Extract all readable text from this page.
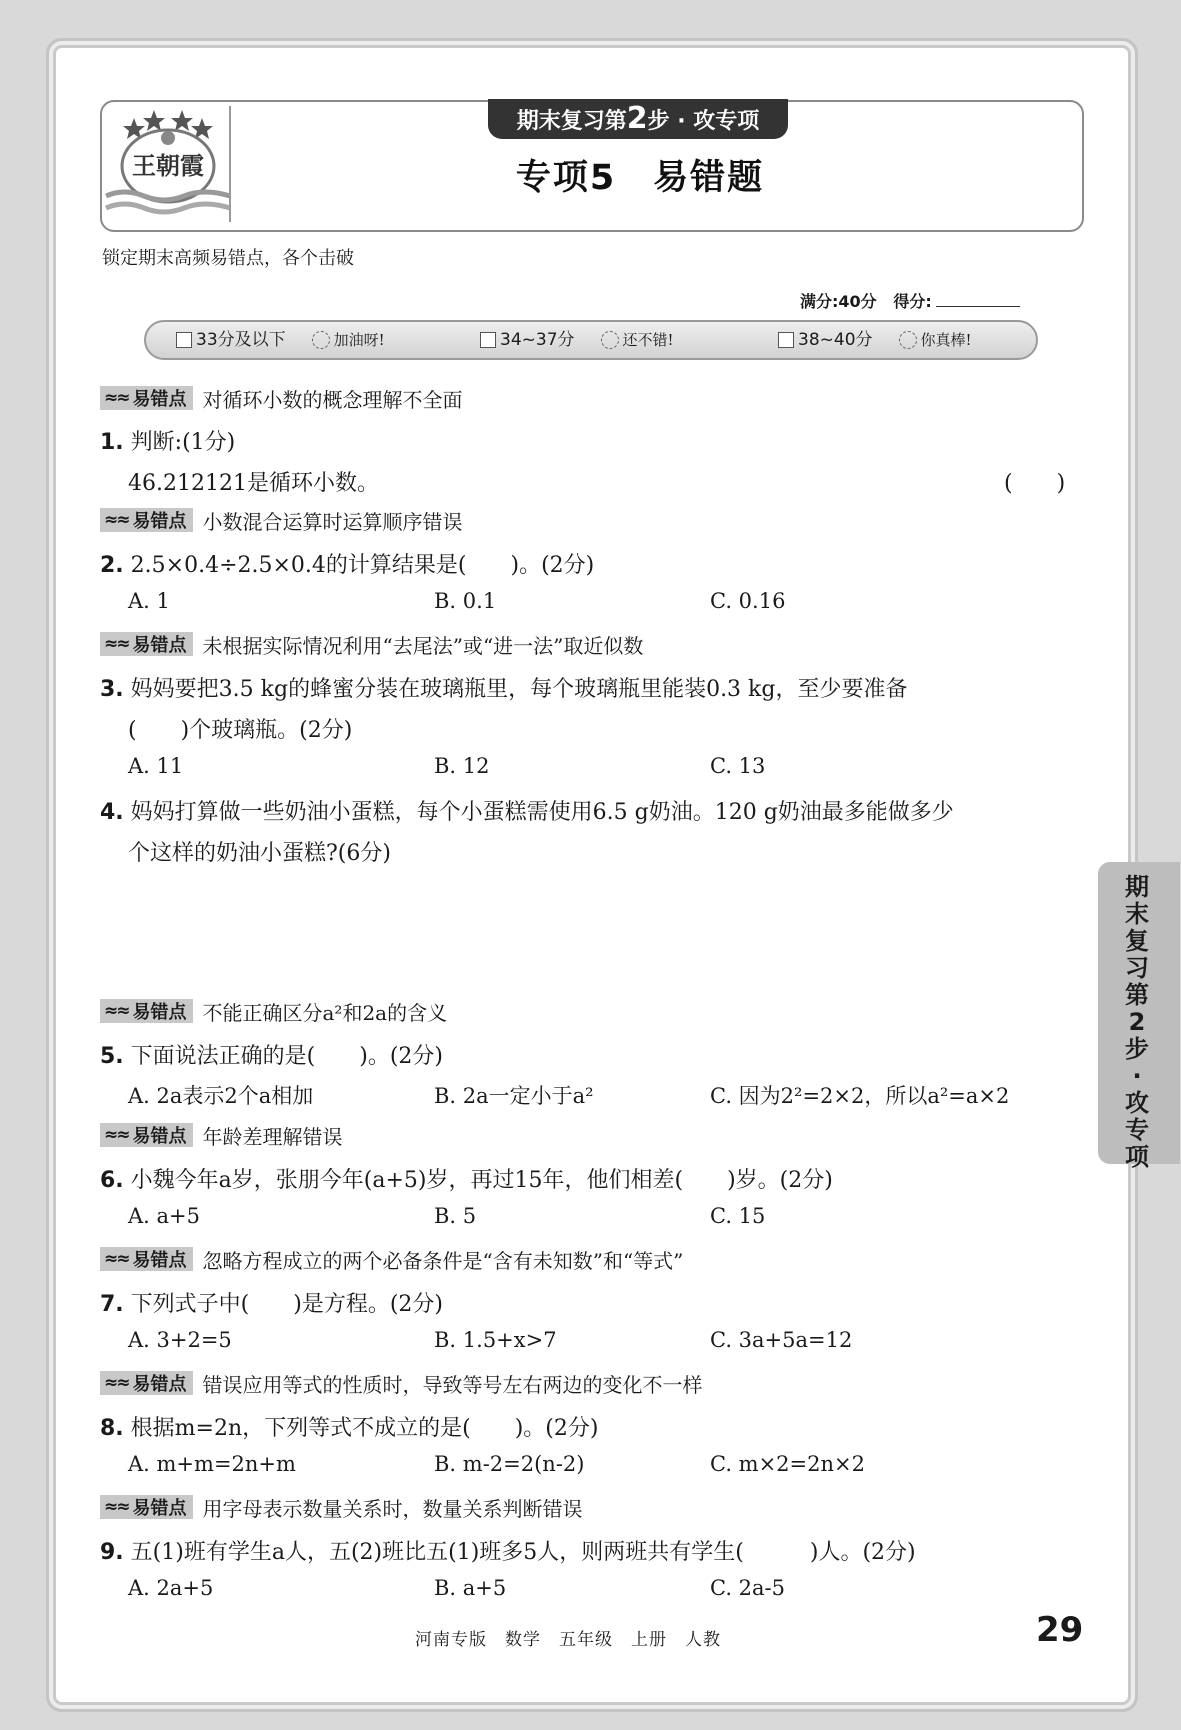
王朝霞
期末复习第2步 · 攻专项
专项5　易错题
锁定期末高频易错点，各个击破
满分:40分 得分:
33分及以下	加油呀!	34~37分	还不错!	38~40分	你真棒!
期末复习第2步·攻专项
≈≈ 易错点 对循环小数的概念理解不全面
1. 判断:(1分)
46.212121是循环小数。	(　　)
≈≈ 易错点 小数混合运算时运算顺序错误
2. 2.5×0.4÷2.5×0.4的计算结果是(　　)。(2分)
A. 1	B. 0.1	C. 0.16
≈≈ 易错点 未根据实际情况利用“去尾法”或“进一法”取近似数
3. 妈妈要把3.5 kg的蜂蜜分装在玻璃瓶里，每个玻璃瓶里能装0.3 kg，至少要准备
(　　)个玻璃瓶。(2分)
A. 11	B. 12	C. 13
4. 妈妈打算做一些奶油小蛋糕，每个小蛋糕需使用6.5 g奶油。120 g奶油最多能做多少
个这样的奶油小蛋糕?(6分)
≈≈ 易错点 不能正确区分a²和2a的含义
5. 下面说法正确的是(　　)。(2分)
A. 2a表示2个a相加	B. 2a一定小于a²	C. 因为2²=2×2，所以a²=a×2
≈≈ 易错点 年龄差理解错误
6. 小魏今年a岁，张朋今年(a+5)岁，再过15年，他们相差(　　)岁。(2分)
A. a+5	B. 5	C. 15
≈≈ 易错点 忽略方程成立的两个必备条件是“含有未知数”和“等式”
7. 下列式子中(　　)是方程。(2分)
A. 3+2=5	B. 1.5+x>7	C. 3a+5a=12
≈≈ 易错点 错误应用等式的性质时，导致等号左右两边的变化不一样
8. 根据m=2n，下列等式不成立的是(　　)。(2分)
A. m+m=2n+m	B. m-2=2(n-2)	C. m×2=2n×2
≈≈ 易错点 用字母表示数量关系时，数量关系判断错误
9. 五(1)班有学生a人，五(2)班比五(1)班多5人，则两班共有学生(　　　)人。(2分)
A. 2a+5	B. a+5	C. 2a-5
河南专版　数学　五年级　上册　人教	29
